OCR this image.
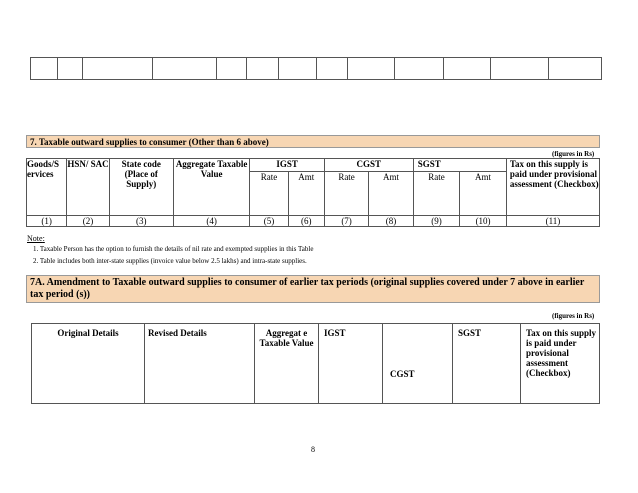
7. Taxable outward supplies to consumer (Other than 6 above)
(figures in Rs)
Goods/S ervices	HSN/ SAC	State code (Place of Supply)	Aggregate Taxable Value	IGST		CGST		SGST		Tax on this supply is paid under provisional assessment (Checkbox)
				Rate	Amt	Rate	Amt	Rate	Amt	
(1)	(2)	(3)	(4)	(5)	(6)	(7)	(8)	(9)	(10)	(11)
Note:
1. Taxable Person has the option to furnish the details of nil rate and exempted supplies in this Table
2. Table includes both inter-state supplies (invoice value below 2.5 lakhs) and intra-state supplies.
7A. Amendment to Taxable outward supplies to consumer of earlier tax periods (original supplies covered under 7 above in earlier tax period (s))
(figures in Rs)
Original Details	Revised Details	Aggregat e Taxable Value	IGST	CGST	SGST	Tax on this supply is paid under provisional assessment (Checkbox)
8
